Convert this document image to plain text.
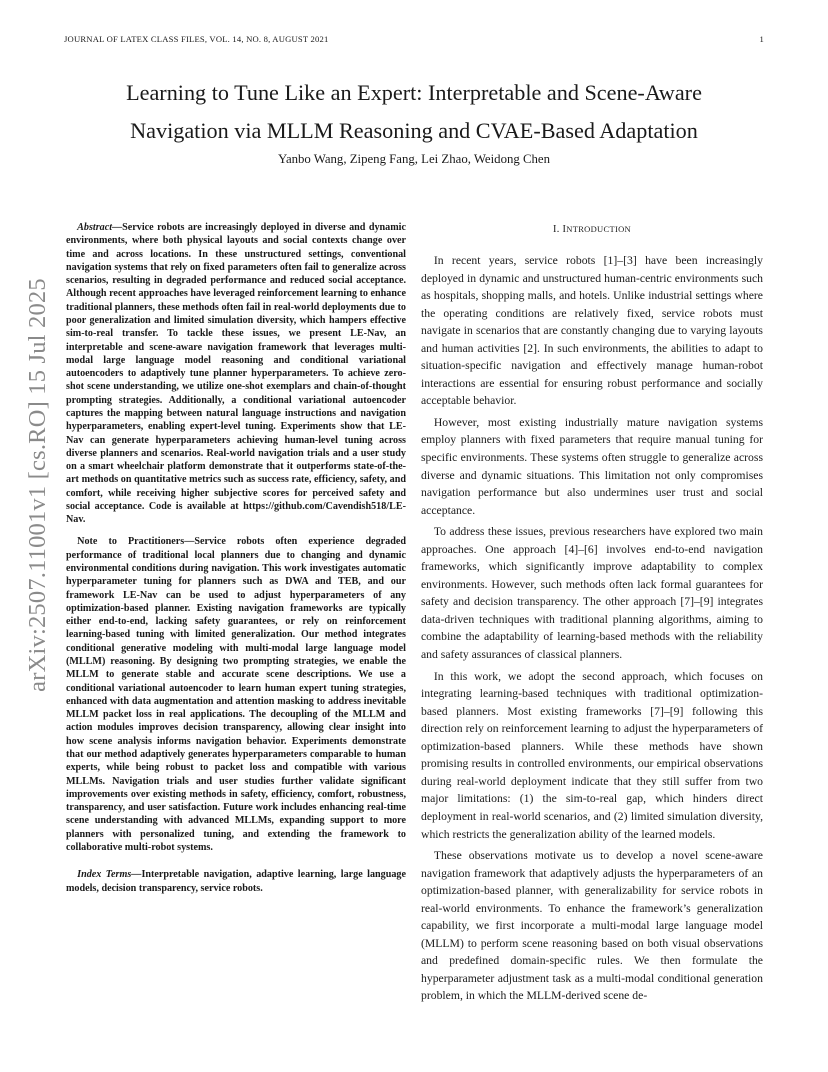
JOURNAL OF LATEX CLASS FILES, VOL. 14, NO. 8, AUGUST 2021	1
Learning to Tune Like an Expert: Interpretable and Scene-Aware
Navigation via MLLM Reasoning and CVAE-Based Adaptation
Yanbo Wang, Zipeng Fang, Lei Zhao, Weidong Chen
arXiv:2507.11001v1 [cs.RO] 15 Jul 2025

Abstract—Service robots are increasingly deployed in diverse and dynamic environments, where both physical layouts and social contexts change over time and across locations. In these unstructured settings, conventional navigation systems that rely on fixed parameters often fail to generalize across scenarios, resulting in degraded performance and reduced social acceptance. Although recent approaches have leveraged reinforcement learning to enhance traditional planners, these methods often fail in real-world deployments due to poor generalization and limited simulation diversity, which hampers effective sim-to-real transfer. To tackle these issues, we present LE-Nav, an interpretable and scene-aware navigation framework that leverages multi-modal large language model reasoning and conditional variational autoencoders to adaptively tune planner hyperparameters. To achieve zero-shot scene understanding, we utilize one-shot exemplars and chain-of-thought prompting strategies. Additionally, a conditional variational autoencoder captures the mapping between natural language instructions and navigation hyperparameters, enabling expert-level tuning. Experiments show that LE-Nav can generate hyperparameters achieving human-level tuning across diverse planners and scenarios. Real-world navigation trials and a user study on a smart wheelchair platform demonstrate that it outperforms state-of-the-art methods on quantitative metrics such as success rate, efficiency, safety, and comfort, while receiving higher subjective scores for perceived safety and social acceptance. Code is available at https://github.com/Cavendish518/LE-Nav.

Note to Practitioners—Service robots often experience degraded performance of traditional local planners due to changing and dynamic environmental conditions during navigation. This work investigates automatic hyperparameter tuning for planners such as DWA and TEB, and our framework LE-Nav can be used to adjust hyperparameters of any optimization-based planner. Existing navigation frameworks are typically either end-to-end, lacking safety guarantees, or rely on reinforcement learning-based tuning with limited generalization. Our method integrates conditional generative modeling with multi-modal large language model (MLLM) reasoning. By designing two prompting strategies, we enable the MLLM to generate stable and accurate scene descriptions. We use a conditional variational autoencoder to learn human expert tuning strategies, enhanced with data augmentation and attention masking to address inevitable MLLM packet loss in real applications. The decoupling of the MLLM and action modules improves decision transparency, allowing clear insight into how scene analysis informs navigation behavior. Experiments demonstrate that our method adaptively generates hyperparameters comparable to human experts, while being robust to packet loss and compatible with various MLLMs. Navigation trials and user studies further validate significant improvements over existing methods in safety, efficiency, comfort, robustness, transparency, and user satisfaction. Future work includes enhancing real-time scene understanding with advanced MLLMs, expanding support to more planners with personalized tuning, and extending the framework to collaborative multi-robot systems.

Index Terms—Interpretable navigation, adaptive learning, large language models, decision transparency, service robots.

I. INTRODUCTION

In recent years, service robots [1]–[3] have been increasingly deployed in dynamic and unstructured human-centric environments such as hospitals, shopping malls, and hotels. Unlike industrial settings where the operating conditions are relatively fixed, service robots must navigate in scenarios that are constantly changing due to varying layouts and human activities [2]. In such environments, the abilities to adapt to situation-specific navigation and effectively manage human-robot interactions are essential for ensuring robust performance and socially acceptable behavior.

However, most existing industrially mature navigation systems employ planners with fixed parameters that require manual tuning for specific environments. These systems often struggle to generalize across diverse and dynamic situations. This limitation not only compromises navigation performance but also undermines user trust and social acceptance.

To address these issues, previous researchers have explored two main approaches. One approach [4]–[6] involves end-to-end navigation frameworks, which significantly improve adaptability to complex environments. However, such methods often lack formal guarantees for safety and decision transparency. The other approach [7]–[9] integrates data-driven techniques with traditional planning algorithms, aiming to combine the adaptability of learning-based methods with the reliability and safety assurances of classical planners.

In this work, we adopt the second approach, which focuses on integrating learning-based techniques with traditional optimization-based planners. Most existing frameworks [7]–[9] following this direction rely on reinforcement learning to adjust the hyperparameters of optimization-based planners. While these methods have shown promising results in controlled environments, our empirical observations during real-world deployment indicate that they still suffer from two major limitations: (1) the sim-to-real gap, which hinders direct deployment in real-world scenarios, and (2) limited simulation diversity, which restricts the generalization ability of the learned models.

These observations motivate us to develop a novel scene-aware navigation framework that adaptively adjusts the hyperparameters of an optimization-based planner, with generalizability for service robots in real-world environments. To enhance the framework’s generalization capability, we first incorporate a multi-modal large language model (MLLM) to perform scene reasoning based on both visual observations and predefined domain-specific rules. We then formulate the hyperparameter adjustment task as a multi-modal conditional generation problem, in which the MLLM-derived scene de-
